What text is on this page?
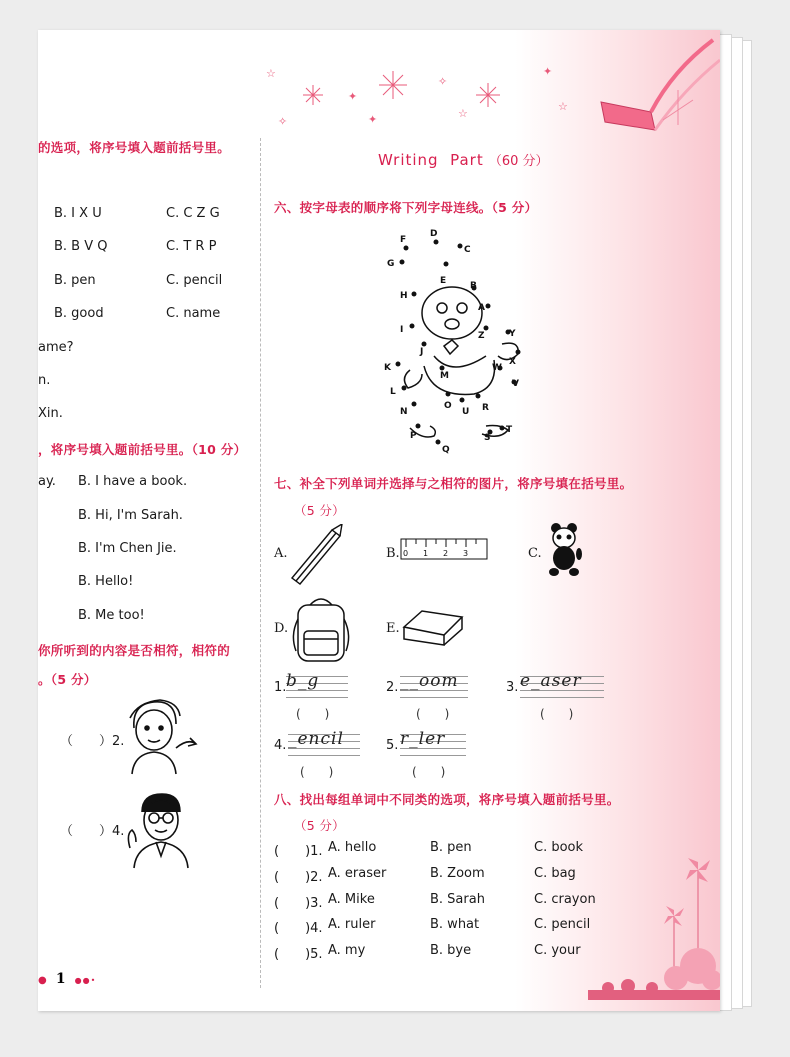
☆
✦
✧
☆
✦
☆
✧	✦
的选项，将序号填入题前括号里。
B. I X U	C. C Z G
B. B V Q	C. T R P
B. pen	C. pencil
B. good	C. name
ame?
n.
Xin.
，将序号填入题前括号里。（10 分）
ay. B. I have a book.
B. Hi, I'm Sarah.
B. I'm Chen Jie.
B. Hello!
B. Me too!
你所听到的内容是否相符，相符的
。（5 分）
（　　）2.
（　　）4.
● 1 ●●•
Writing  Part （60 分）
六、按字母表的顺序将下列字母连线。（5 分）
F
D
C
G
E	B
H
A
I
Z	Y
J
X
K
M
W
V
L
O	R
U
N
P	S
T
Q
七、补全下列单词并选择与之相符的图片，将序号填在括号里。
（5 分）
A.	B. 0 1 2 3	C.
D.	E.
1. b_g
(　　)
2. __oom
(　　)
3. e_aser
(　　)
4. _encil
(　　)
5. r_ler
(　　)
八、找出每组单词中不同类的选项，将序号填入题前括号里。
（5 分）
(　　)1. A. hello	B. pen	C. book
(　　)2. A. eraser	B. Zoom	C. bag
(　　)3. A. Mike	B. Sarah	C. crayon
(　　)4. A. ruler	B. what	C. pencil
(　　)5. A. my	B. bye	C. your
